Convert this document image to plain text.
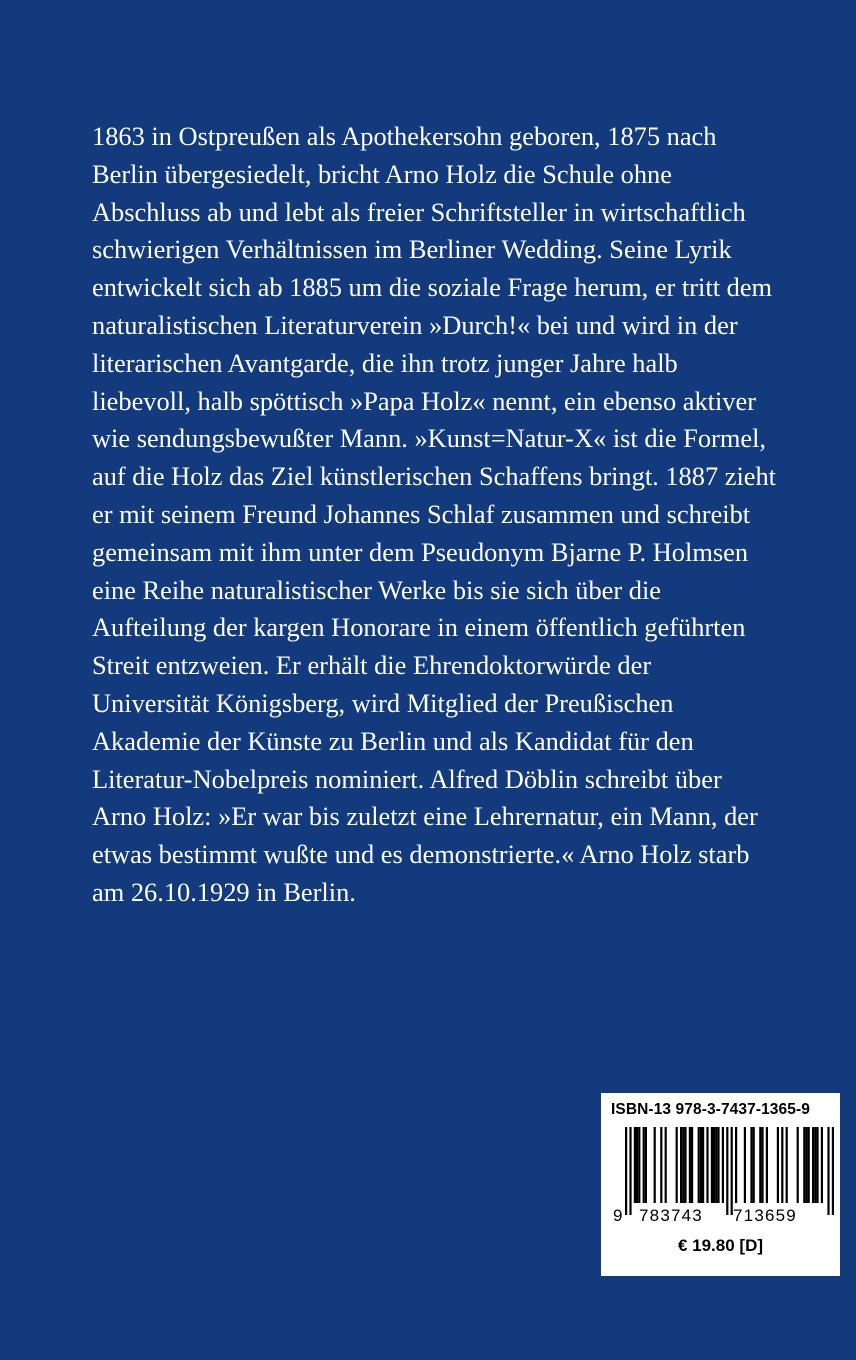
1863 in Ostpreußen als Apothekersohn geboren, 1875 nach
Berlin übergesiedelt, bricht Arno Holz die Schule ohne
Abschluss ab und lebt als freier Schriftsteller in wirtschaftlich
schwierigen Verhältnissen im Berliner Wedding. Seine Lyrik
entwickelt sich ab 1885 um die soziale Frage herum, er tritt dem
naturalistischen Literaturverein »Durch!« bei und wird in der
literarischen Avantgarde, die ihn trotz junger Jahre halb
liebevoll, halb spöttisch »Papa Holz« nennt, ein ebenso aktiver
wie sendungsbewußter Mann. »Kunst=Natur-X« ist die Formel,
auf die Holz das Ziel künstlerischen Schaffens bringt. 1887 zieht
er mit seinem Freund Johannes Schlaf zusammen und schreibt
gemeinsam mit ihm unter dem Pseudonym Bjarne P. Holmsen
eine Reihe naturalistischer Werke bis sie sich über die
Aufteilung der kargen Honorare in einem öffentlich geführten
Streit entzweien. Er erhält die Ehrendoktorwürde der
Universität Königsberg, wird Mitglied der Preußischen
Akademie der Künste zu Berlin und als Kandidat für den
Literatur-Nobelpreis nominiert. Alfred Döblin schreibt über
Arno Holz: »Er war bis zuletzt eine Lehrernatur, ein Mann, der
etwas bestimmt wußte und es demonstrierte.« Arno Holz starb
am 26.10.1929 in Berlin.

ISBN-13 978-3-7437-1365-9
9 783743 713659
€ 19.80 [D]
